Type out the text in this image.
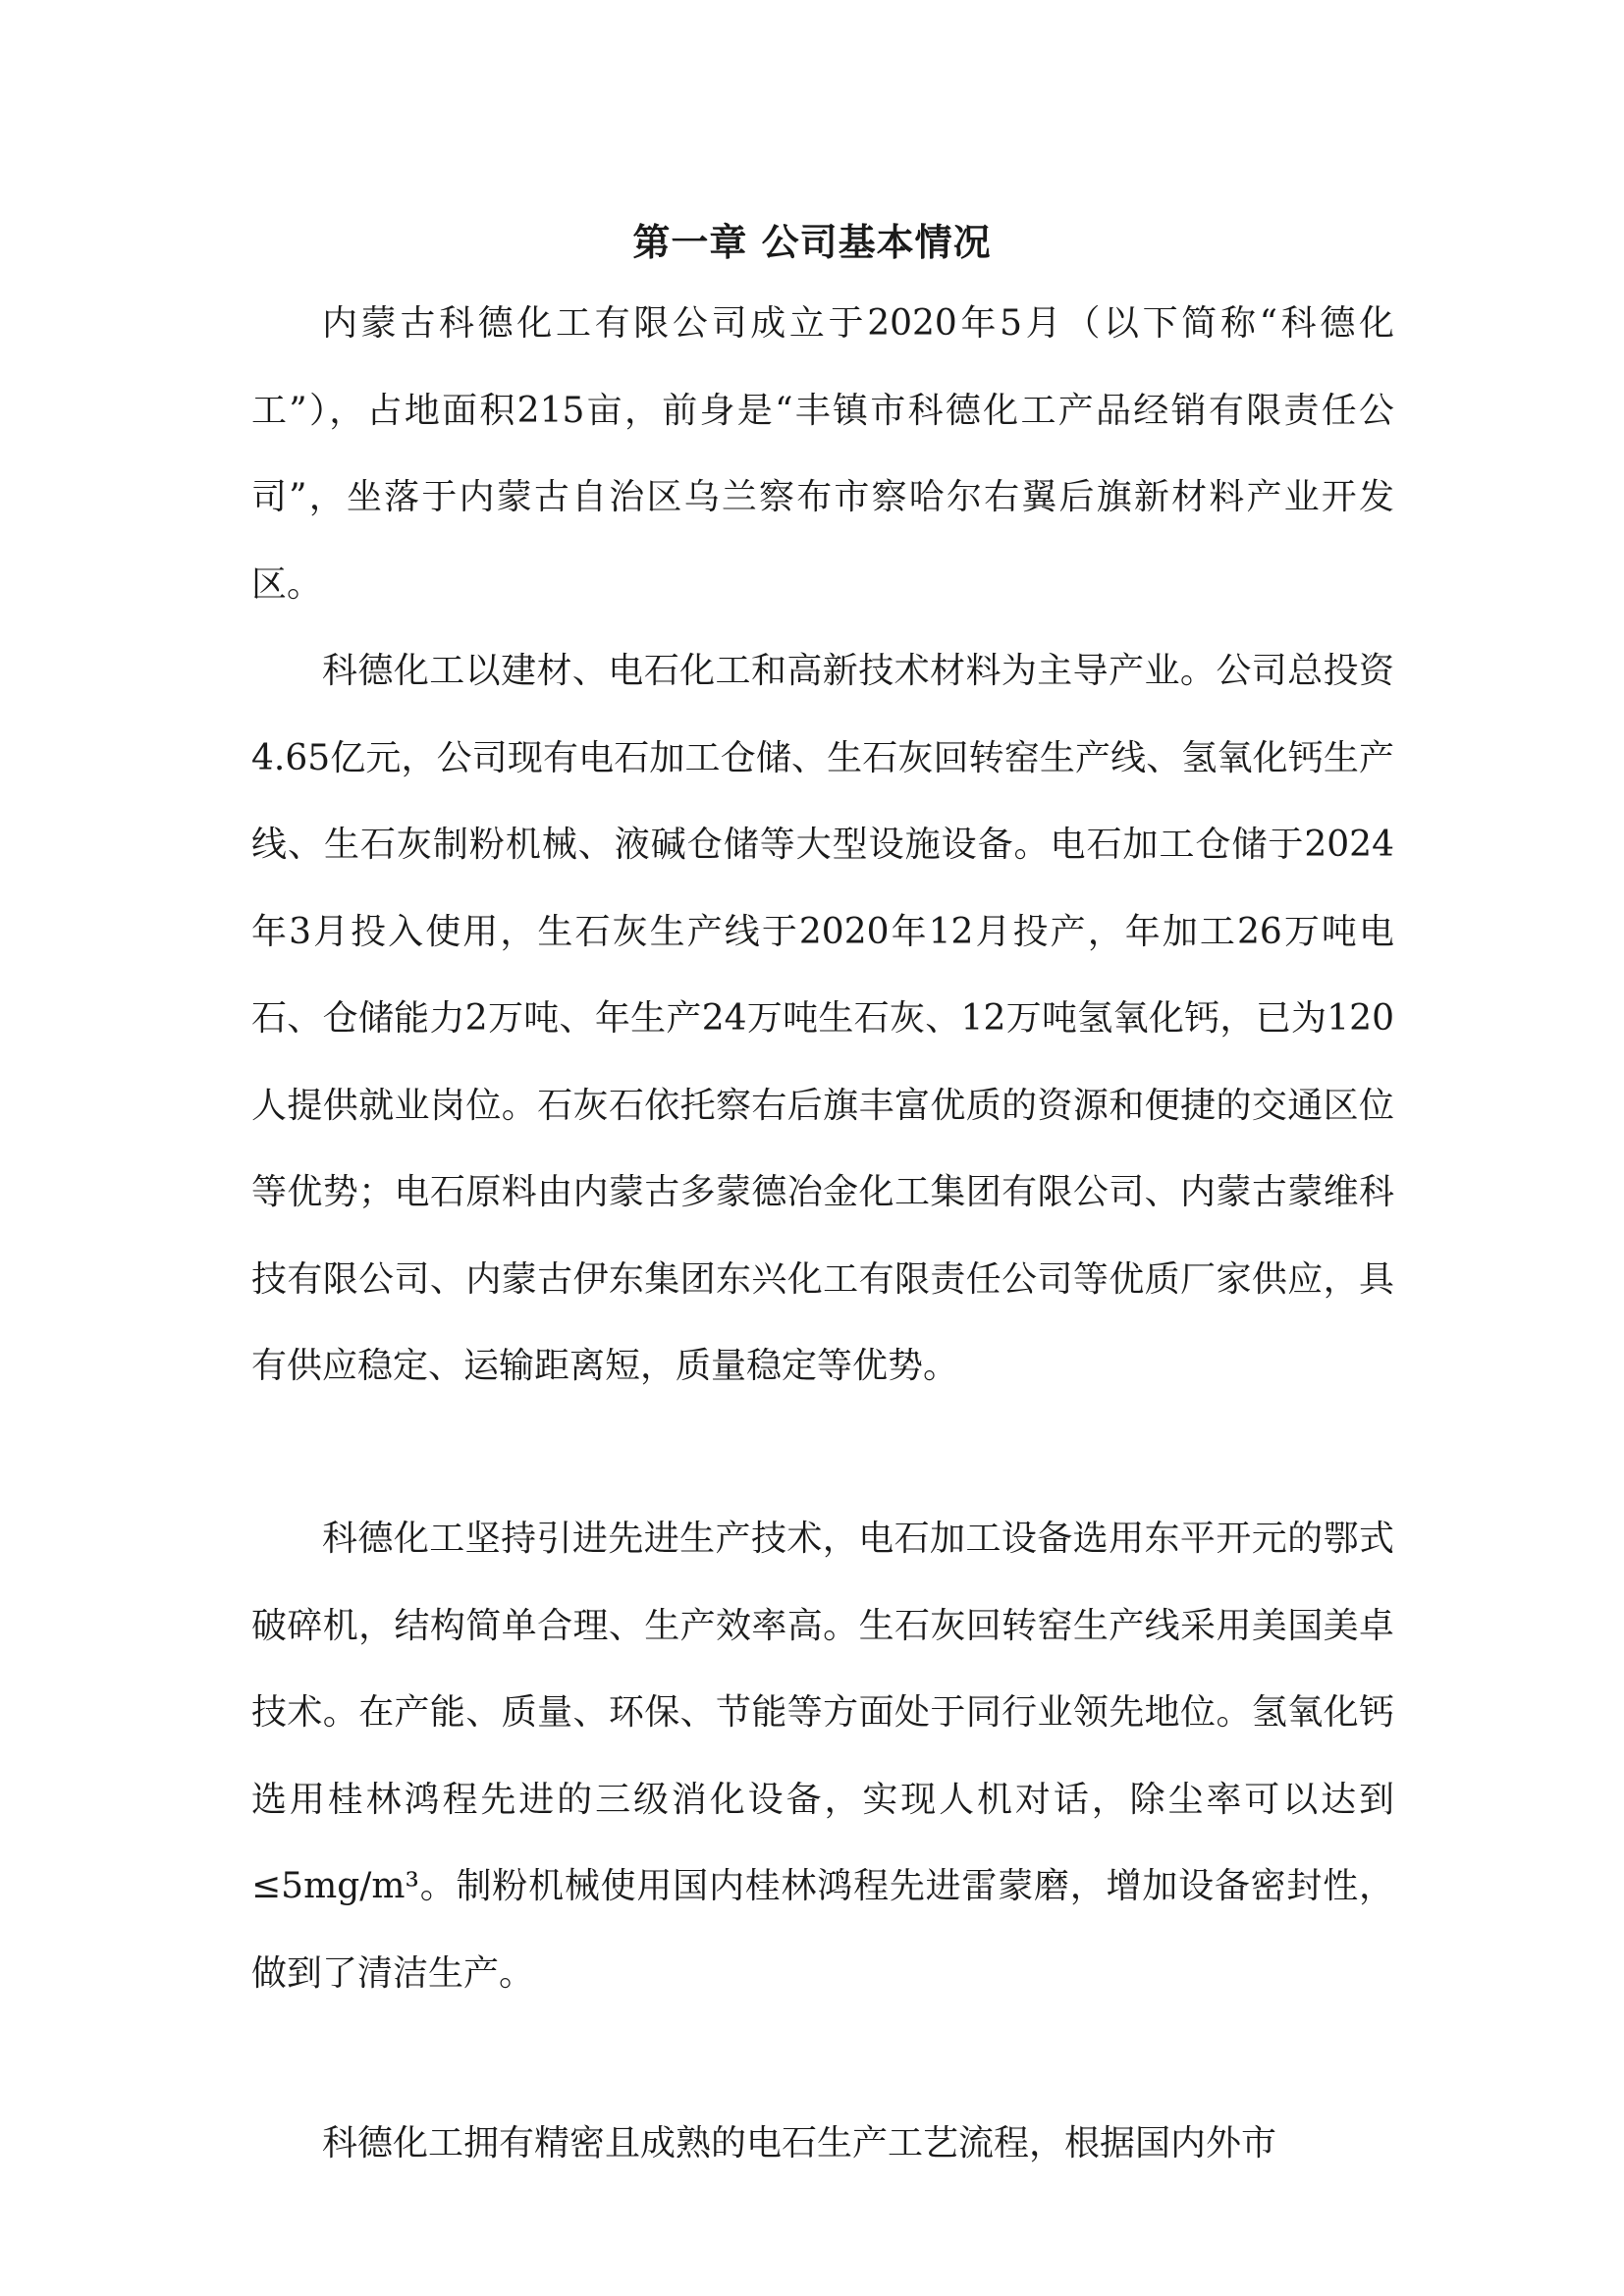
第一章 公司基本情况

内蒙古科德化工有限公司成立于2020年5月（以下简称“科德化工”），占地面积215亩，前身是“丰镇市科德化工产品经销有限责任公司”，坐落于内蒙古自治区乌兰察布市察哈尔右翼后旗新材料产业开发区。

科德化工以建材、电石化工和高新技术材料为主导产业。公司总投资4.65亿元，公司现有电石加工仓储、生石灰回转窑生产线、氢氧化钙生产线、生石灰制粉机械、液碱仓储等大型设施设备。电石加工仓储于2024年3月投入使用，生石灰生产线于2020年12月投产，年加工26万吨电石、仓储能力2万吨、年生产24万吨生石灰、12万吨氢氧化钙，已为120人提供就业岗位。石灰石依托察右后旗丰富优质的资源和便捷的交通区位等优势；电石原料由内蒙古多蒙德冶金化工集团有限公司、内蒙古蒙维科技有限公司、内蒙古伊东集团东兴化工有限责任公司等优质厂家供应，具有供应稳定、运输距离短，质量稳定等优势。

科德化工坚持引进先进生产技术，电石加工设备选用东平开元的鄂式破碎机，结构简单合理、生产效率高。生石灰回转窑生产线采用美国美卓技术。在产能、质量、环保、节能等方面处于同行业领先地位。氢氧化钙选用桂林鸿程先进的三级消化设备，实现人机对话，除尘率可以达到≤5mg/m³。制粉机械使用国内桂林鸿程先进雷蒙磨，增加设备密封性，做到了清洁生产。

科德化工拥有精密且成熟的电石生产工艺流程，根据国内外市
